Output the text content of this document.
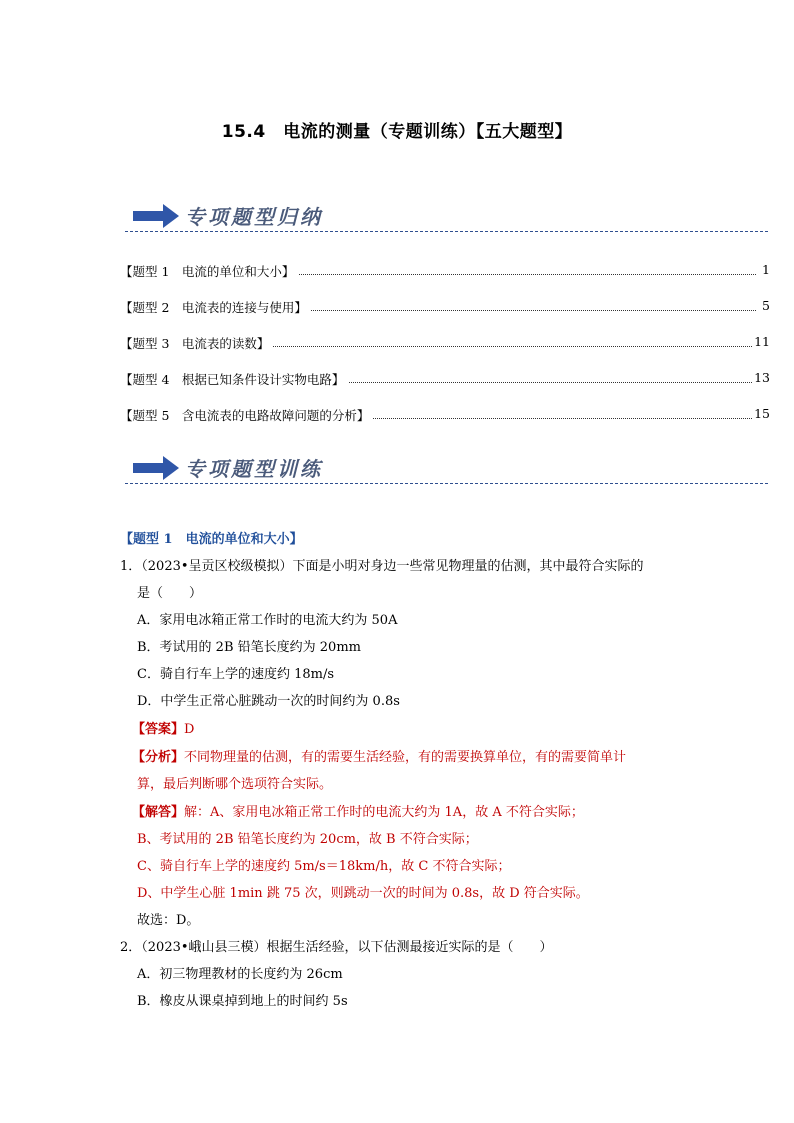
15.4　电流的测量（专题训练）【五大题型】
专项题型归纳
【题型 1　电流的单位和大小】	1
【题型 2　电流表的连接与使用】	5
【题型 3　电流表的读数】	11
【题型 4　根据已知条件设计实物电路】	13
【题型 5　含电流表的电路故障问题的分析】	15
专项题型训练
【题型 1　电流的单位和大小】
1．（2023•呈贡区校级模拟）下面是小明对身边一些常见物理量的估测，其中最符合实际的
是（　　）
A．家用电冰箱正常工作时的电流大约为 50A
B．考试用的 2B 铅笔长度约为 20mm
C．骑自行车上学的速度约 18m/s
D．中学生正常心脏跳动一次的时间约为 0.8s
【答案】D
【分析】不同物理量的估测，有的需要生活经验，有的需要换算单位，有的需要简单计
算，最后判断哪个选项符合实际。
【解答】解：A、家用电冰箱正常工作时的电流大约为 1A，故 A 不符合实际；
B、考试用的 2B 铅笔长度约为 20cm，故 B 不符合实际；
C、骑自行车上学的速度约 5m/s＝18km/h，故 C 不符合实际；
D、中学生心脏 1min 跳 75 次，则跳动一次的时间为 0.8s，故 D 符合实际。
故选：D。
2．（2023•峨山县三模）根据生活经验，以下估测最接近实际的是（　　）
A．初三物理教材的长度约为 26cm
B．橡皮从课桌掉到地上的时间约 5s
